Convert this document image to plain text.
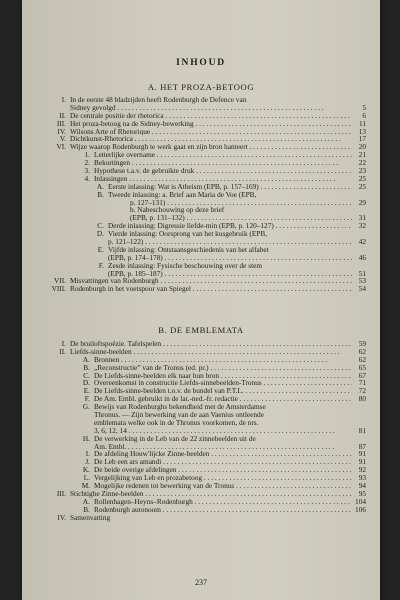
INHOUD
A. HET PROZA-BETOOG
I. In de eerste 48 bladzijden heeft Rodenburgh de Defence van
Sidney gevolgd . . .	5
II. De centrale positie der rhetorica . . .	6
III. Het proza-betoog na de Sidney-bewerking . . .	11
IV. Wilsons Arte of Rhetorique . . .	13
V. Dichtkunst-Rhetorica . . .	17
VI. Wijze waarop Rodenburgh te werk gaat en zijn bron hanteert . . .	20
1. Letterlijke overname . . .	21
2. Bekortingen . . .	22
3. Hypothese t.a.v. de gebruikte druk . . .	23
4. Inlassingen . . .	25
A. Eerste inlassing: Wat is Atheism (EPB, p. 157–169) . . .	25
B. Tweede inlassing: a. Brief aan Maria de Voe (EPB,
p. 127–131) . . .	29
b. Nabeschouwing op deze brief
(EPB, p. 131–132) . . .	31
C. Derde inlassing: Digressie liefde-min (EPB, p. 120–127) . . .	32
D. Vierde inlassing: Oorsprong van het kusgebruik (EPB,
p. 121–122) . . .	42
E. Vijfde inlassing: Ontstaansgeschiedenis van het alfabet
(EPB, p. 174–178) . . .	46
F. Zesde inlassing: Fysische beschouwing over de stem
(EPB, p. 185–187) . . .	51
VII. Misvattingen van Rodenburgh . . .	53
VIII. Rodenburgh in het voetspoor van Spiegel . . .	54
B. DE EMBLEMATA
I. De bruiloftspoëzie. Tafelspelen . . .	59
II. Liefds-sinne-beelden . . .	62
A. Bronnen . . .	62
B. „Reconstructie” van de Tronus (ed. pr.) . . .	65
C. De Liefds-sinne-beelden elk naar hun bron . . .	67
D. Overeenkomst in constructie Liefds-sinnebeelden-Tronus . . .	71
E. De Liefds-sinne-beelden t.o.v. de bundel van P.T.L. . . .	72
F. De Am. Embl. gebruikt in de lat.-ned.-fr. redactie . . .	80
G. Bewijs van Rodenburghs bekendheid met de Amsterdamse
Thronus. — Zijn bewerking van de aan Vaenius ontleende
emblemata welke ook in de Thronus voorkomen, de nrs.
3, 6, 12, 14 . . .	81
H. De verwerking in de Leb van de 22 zinnebeelden uit de
Am. Embl. . . .	87
I. De afdeling Houw'lijcke Zinne-beelden . . .	91
J. De Leb een ars amandi . . .	91
K. De beide overige afdelingen . . .	92
L. Vergelijking van Leb en prozabetoog . . .	93
M. Mogelijke redenen tot bewerking van de Tronus . . .	94
III. Stichtighe Zinne-beelden . . .	95
A. Rollenhagen–Heyns–Rodenburgh . . .	104
B. Rodenburgh autonoom . . .	106
IV. Samenvatting
237
